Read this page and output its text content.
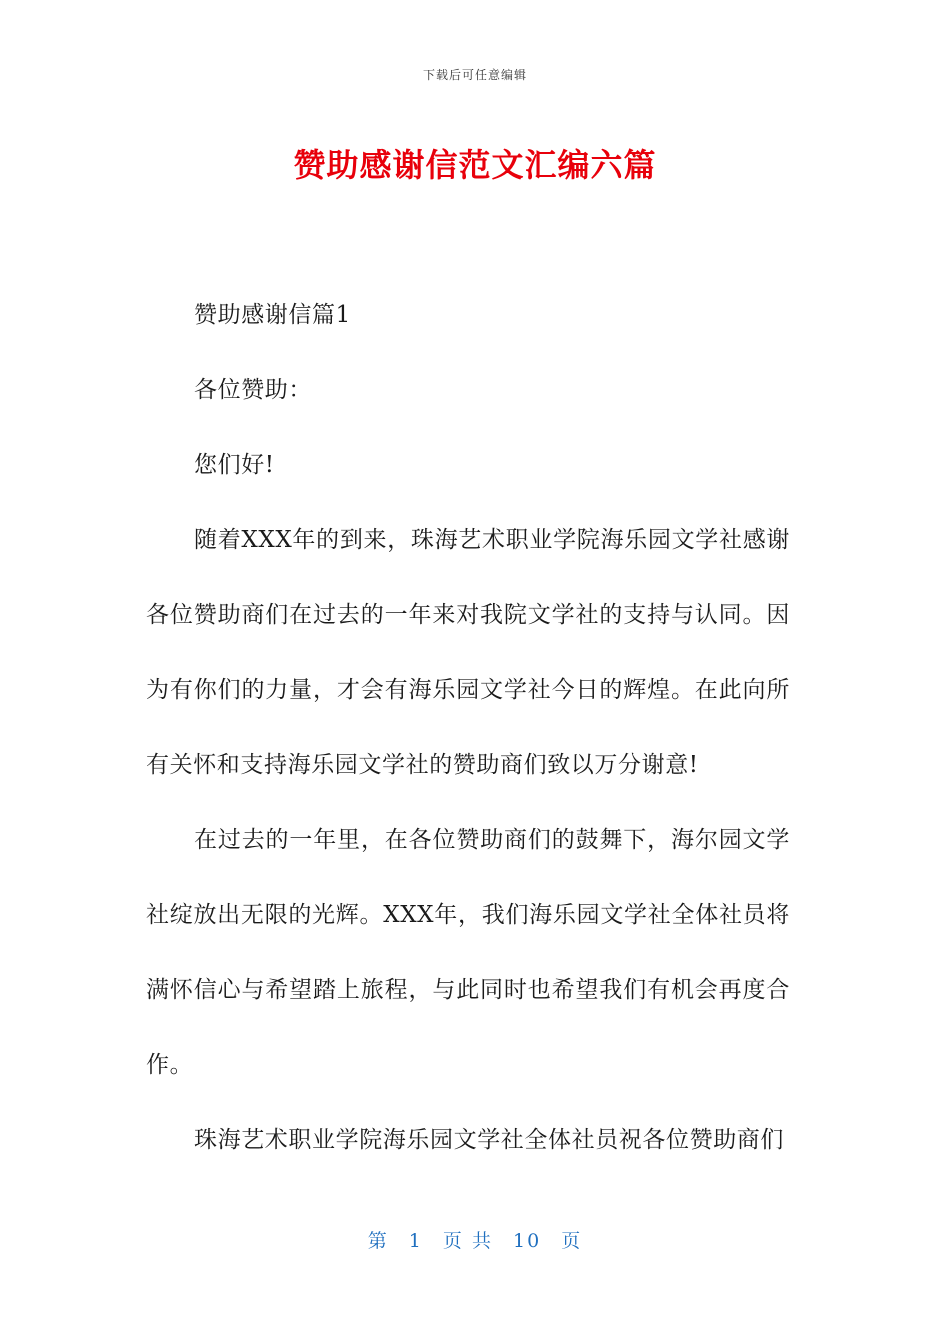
下载后可任意编辑
赞助感谢信范文汇编六篇

赞助感谢信篇1

各位赞助：

您们好!

随着XXX年的到来，珠海艺术职业学院海乐园文学社感谢各位赞助商们在过去的一年来对我院文学社的支持与认同。因为有你们的力量，才会有海乐园文学社今日的辉煌。在此向所有关怀和支持海乐园文学社的赞助商们致以万分谢意!

在过去的一年里，在各位赞助商们的鼓舞下，海尔园文学社绽放出无限的光辉。XXX年，我们海乐园文学社全体社员将满怀信心与希望踏上旅程，与此同时也希望我们有机会再度合作。

珠海艺术职业学院海乐园文学社全体社员祝各位赞助商们

第 1 页 共 10 页
